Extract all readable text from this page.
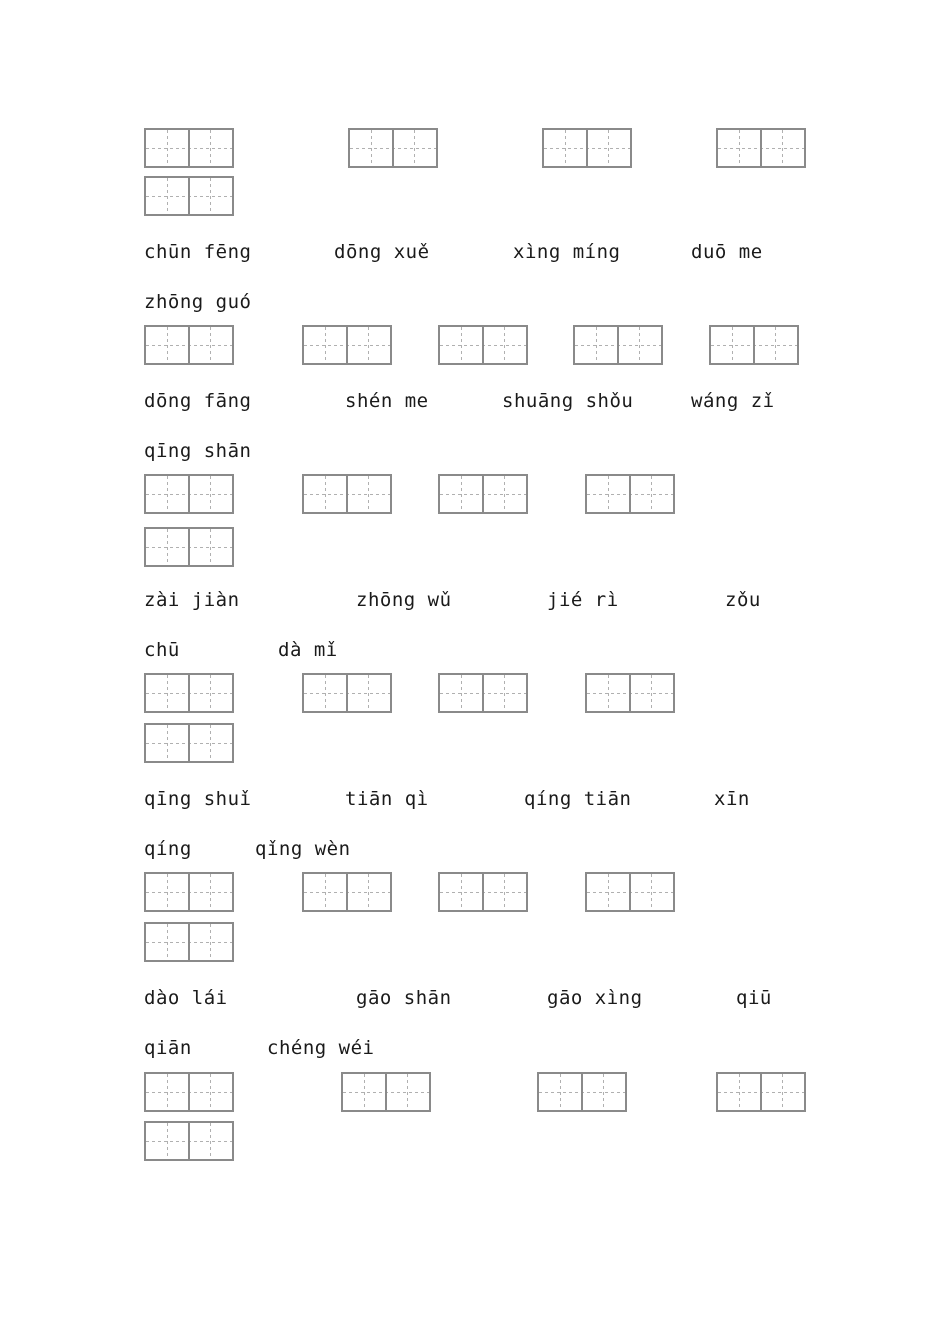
chūn fēng	dōng xuě	xìng míng	duō me
zhōng guó
dōng fāng	shén me	shuāng shǒu	wáng zǐ
qīng shān
zài jiàn	zhōng wǔ	jié rì	zǒu
chū	dà mǐ
qīng shuǐ	tiān qì	qíng tiān	xīn
qíng	qǐng wèn
dào lái	gāo shān	gāo xìng	qiū
qiān	chéng wéi
